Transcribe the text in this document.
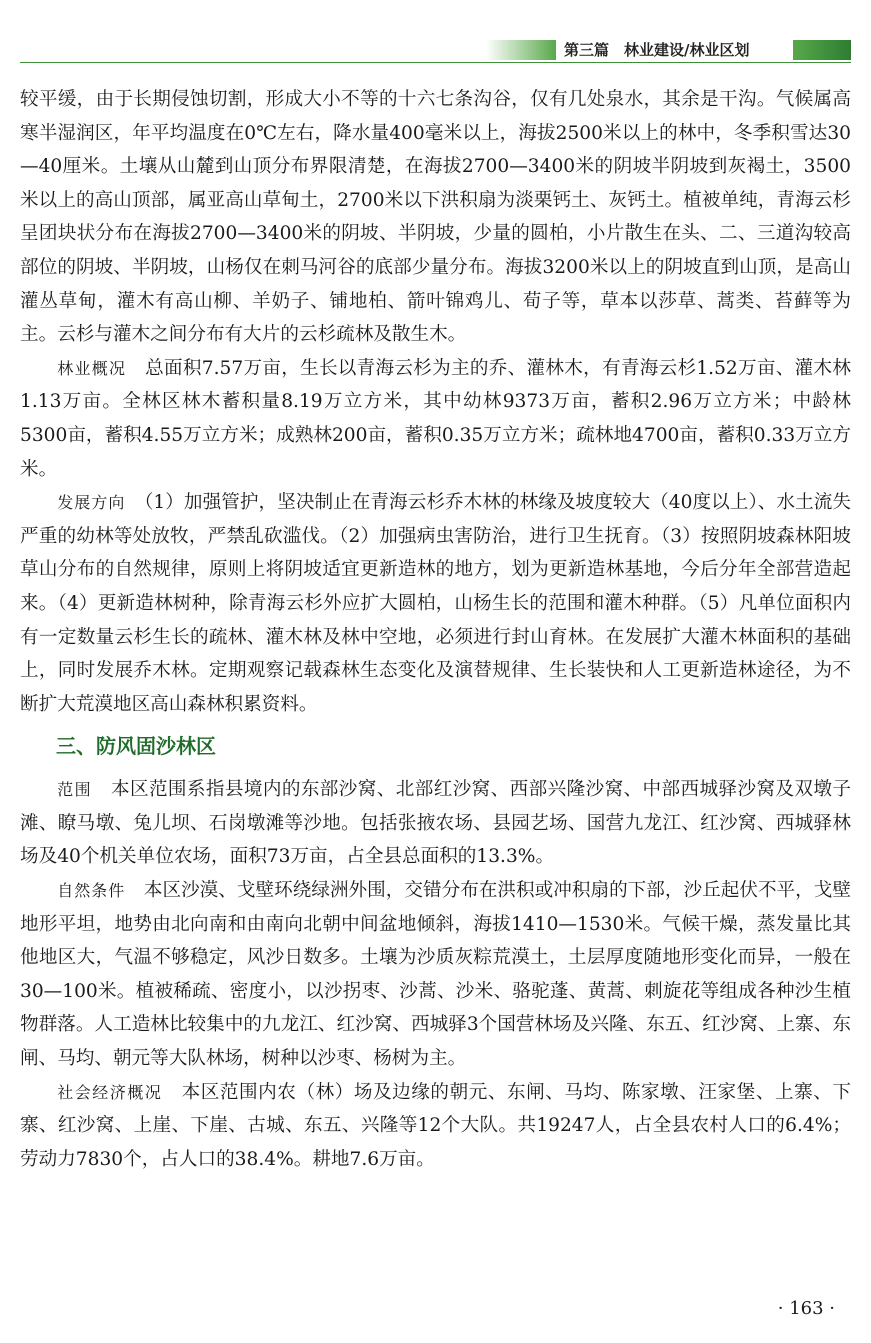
第三篇　林业建设/林业区划

较平缓，由于长期侵蚀切割，形成大小不等的十六七条沟谷，仅有几处泉水，其余是干沟。气候属高寒半湿润区，年平均温度在0℃左右，降水量400毫米以上，海拔2500米以上的林中，冬季积雪达30—40厘米。土壤从山麓到山顶分布界限清楚，在海拔2700—3400米的阴坡半阴坡到灰褐土，3500米以上的高山顶部，属亚高山草甸土，2700米以下洪积扇为淡栗钙土、灰钙土。植被单纯，青海云杉呈团块状分布在海拔2700—3400米的阴坡、半阴坡，少量的圆柏，小片散生在头、二、三道沟较高部位的阴坡、半阴坡，山杨仅在刺马河谷的底部少量分布。海拔3200米以上的阴坡直到山顶，是高山灌丛草甸，灌木有高山柳、羊奶子、铺地柏、箭叶锦鸡儿、荀子等，草本以莎草、蒿类、苔藓等为主。云杉与灌木之间分布有大片的云杉疏林及散生木。

林业概况　总面积7.57万亩，生长以青海云杉为主的乔、灌林木，有青海云杉1.52万亩、灌木林1.13万亩。全林区林木蓄积量8.19万立方米，其中幼林9373万亩，蓄积2.96万立方米；中龄林5300亩，蓄积4.55万立方米；成熟林200亩，蓄积0.35万立方米；疏林地4700亩，蓄积0.33万立方米。

发展方向　（1）加强管护，坚决制止在青海云杉乔木林的林缘及坡度较大（40度以上）、水土流失严重的幼林等处放牧，严禁乱砍滥伐。（2）加强病虫害防治，进行卫生抚育。（3）按照阴坡森林阳坡草山分布的自然规律，原则上将阴坡适宜更新造林的地方，划为更新造林基地，今后分年全部营造起来。（4）更新造林树种，除青海云杉外应扩大圆柏，山杨生长的范围和灌木种群。（5）凡单位面积内有一定数量云杉生长的疏林、灌木林及林中空地，必须进行封山育林。在发展扩大灌木林面积的基础上，同时发展乔木林。定期观察记载森林生态变化及演替规律、生长装快和人工更新造林途径，为不断扩大荒漠地区高山森林积累资料。

三、防风固沙林区

范围　本区范围系指县境内的东部沙窝、北部红沙窝、西部兴隆沙窝、中部西城驿沙窝及双墩子滩、瞭马墩、兔儿坝、石岗墩滩等沙地。包括张掖农场、县园艺场、国营九龙江、红沙窝、西城驿林场及40个机关单位农场，面积73万亩，占全县总面积的13.3%。

自然条件　本区沙漠、戈壁环绕绿洲外围，交错分布在洪积或冲积扇的下部，沙丘起伏不平，戈壁地形平坦，地势由北向南和由南向北朝中间盆地倾斜，海拔1410—1530米。气候干燥，蒸发量比其他地区大，气温不够稳定，风沙日数多。土壤为沙质灰粽荒漠土，土层厚度随地形变化而异，一般在30—100米。植被稀疏、密度小，以沙拐枣、沙蒿、沙米、骆驼蓬、黄蒿、刺旋花等组成各种沙生植物群落。人工造林比较集中的九龙江、红沙窝、西城驿3个国营林场及兴隆、东五、红沙窝、上寨、东闸、马均、朝元等大队林场，树种以沙枣、杨树为主。

社会经济概况　本区范围内农（林）场及边缘的朝元、东闸、马均、陈家墩、汪家堡、上寨、下寨、红沙窝、上崖、下崖、古城、东五、兴隆等12个大队。共19247人，占全县农村人口的6.4%；劳动力7830个，占人口的38.4%。耕地7.6万亩。

· 163 ·
